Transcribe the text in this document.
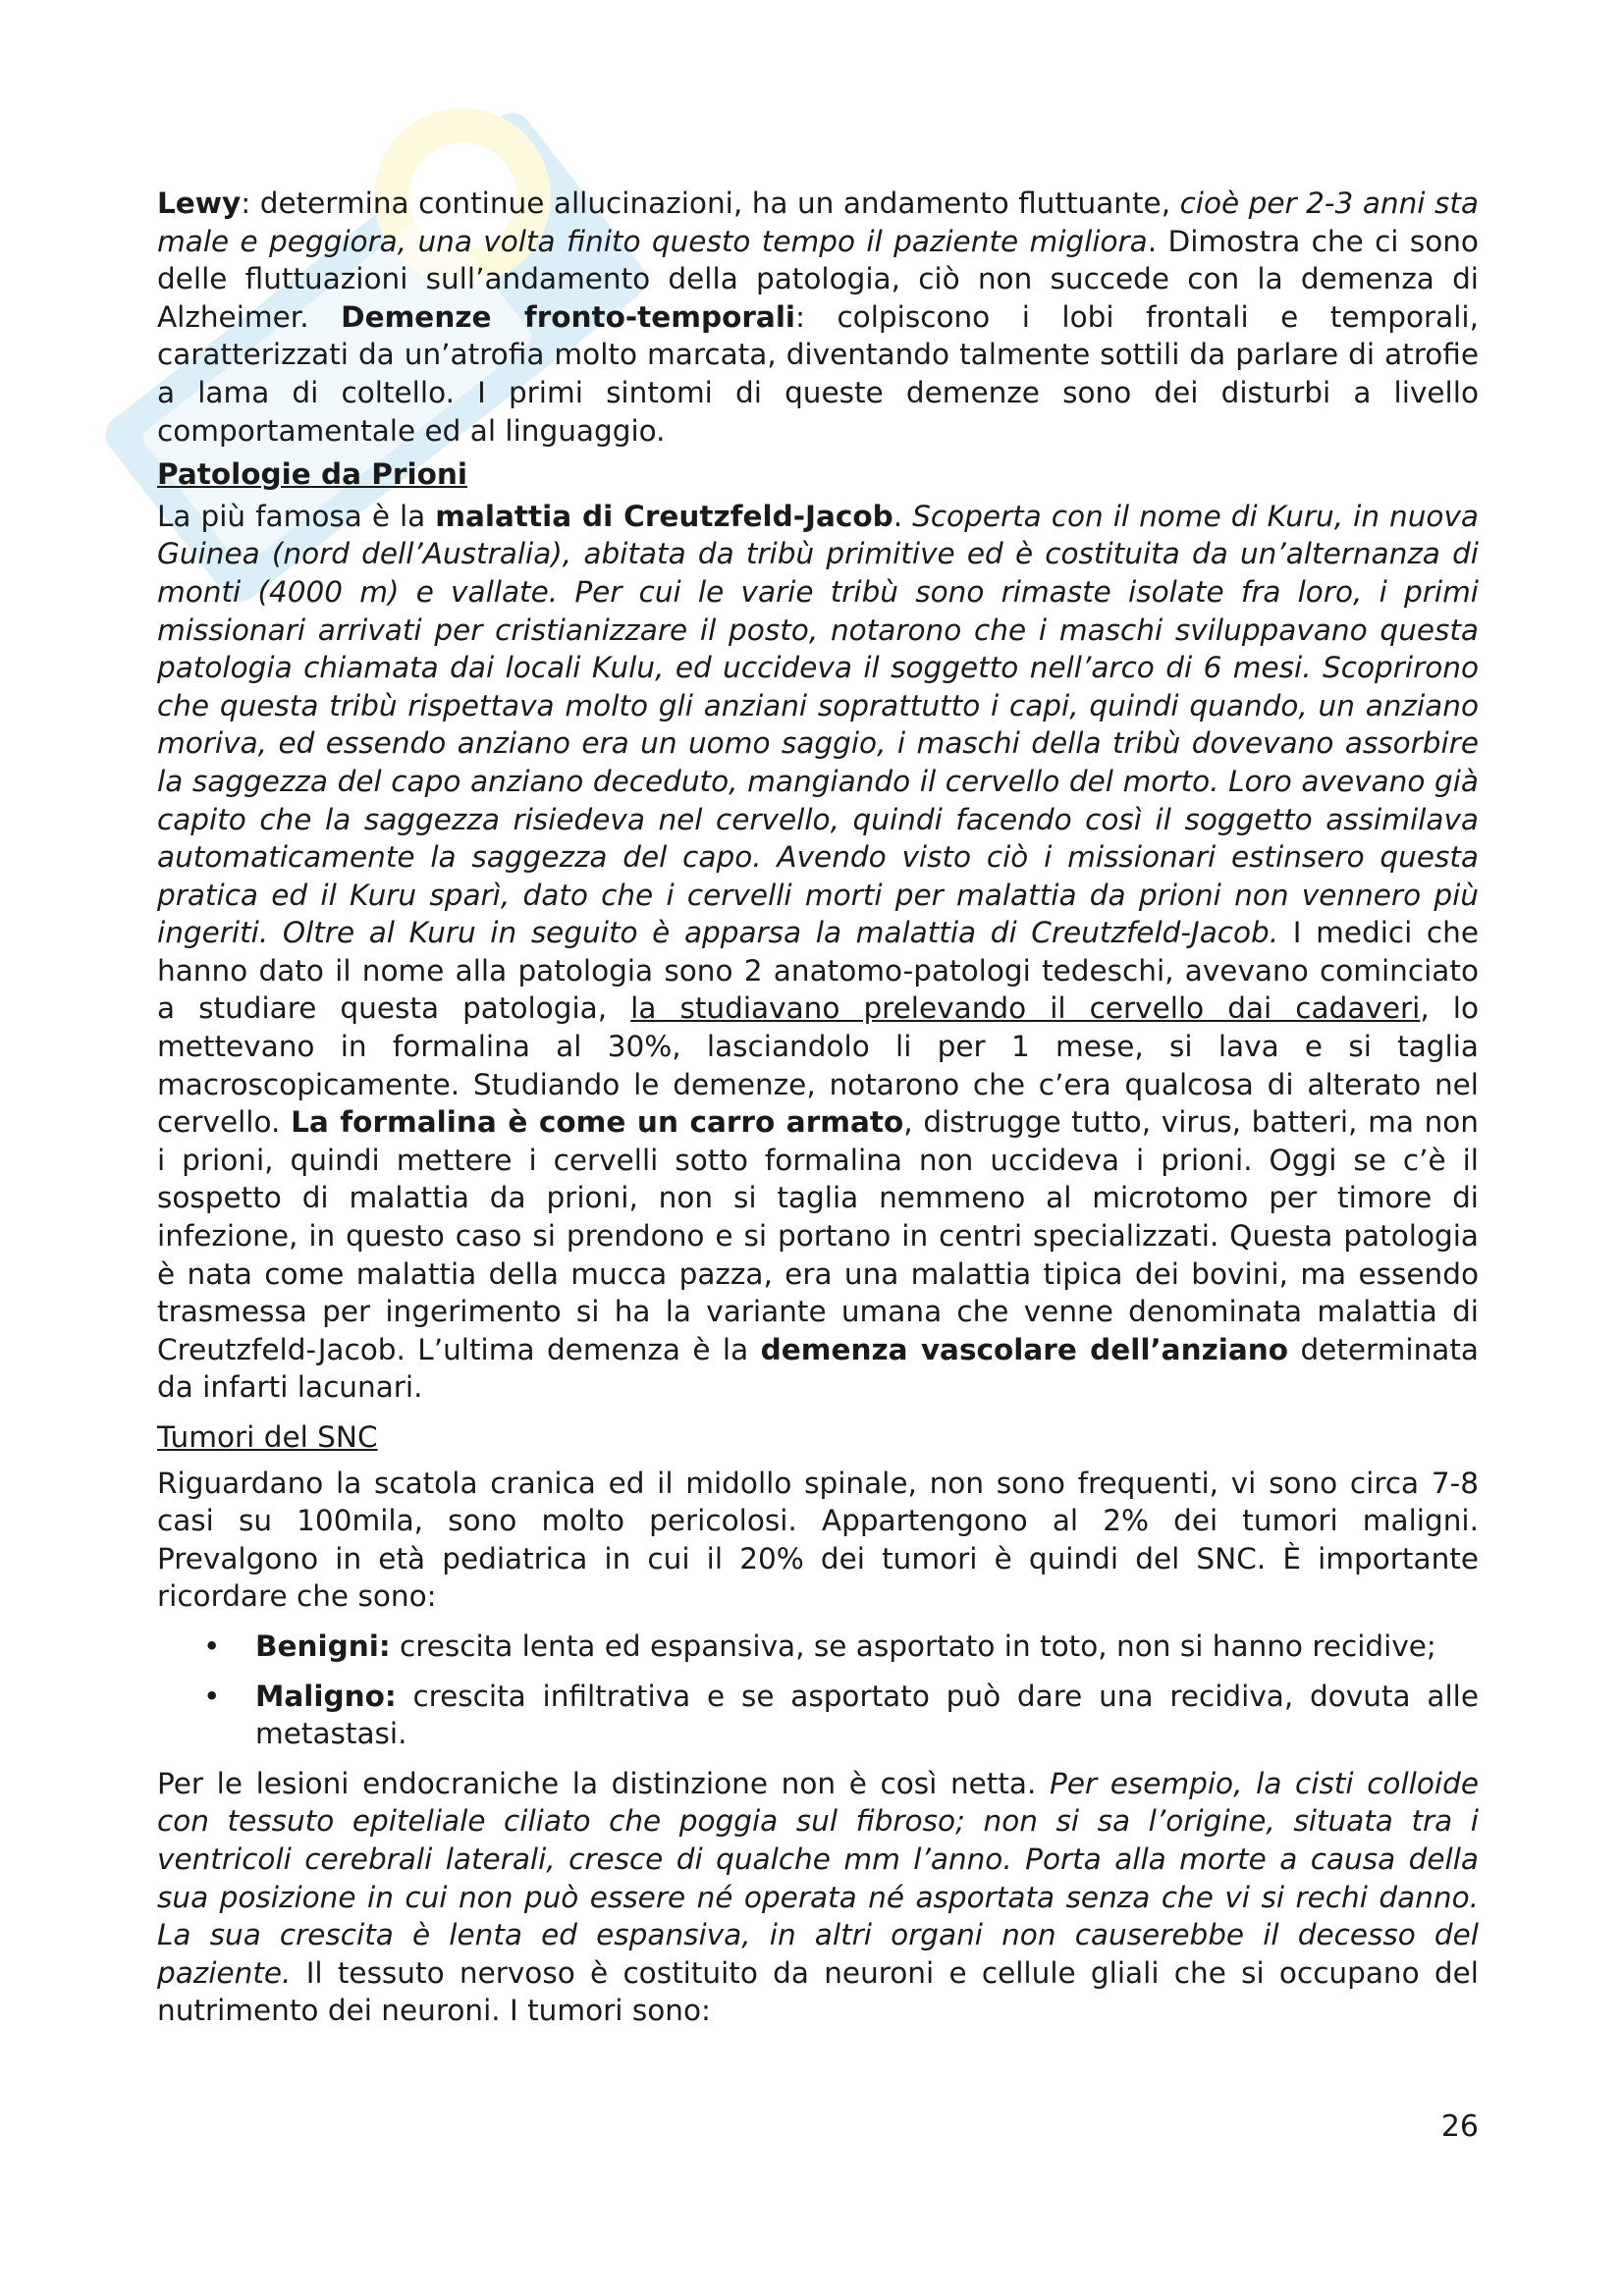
Lewy: determina continue allucinazioni, ha un andamento fluttuante, cioè per 2-3 anni sta male e peggiora, una volta finito questo tempo il paziente migliora. Dimostra che ci sono delle fluttuazioni sull’andamento della patologia, ciò non succede con la demenza di Alzheimer. Demenze fronto-temporali: colpiscono i lobi frontali e temporali, caratterizzati da un’atrofia molto marcata, diventando talmente sottili da parlare di atrofie a lama di coltello. I primi sintomi di queste demenze sono dei disturbi a livello comportamentale ed al linguaggio.

Patologie da Prioni

La più famosa è la malattia di Creutzfeld-Jacob. Scoperta con il nome di Kuru, in nuova Guinea (nord dell’Australia), abitata da tribù primitive ed è costituita da un’alternanza di monti (4000 m) e vallate. Per cui le varie tribù sono rimaste isolate fra loro, i primi missionari arrivati per cristianizzare il posto, notarono che i maschi sviluppavano questa patologia chiamata dai locali Kulu, ed uccideva il soggetto nell’arco di 6 mesi. Scoprirono che questa tribù rispettava molto gli anziani soprattutto i capi, quindi quando, un anziano moriva, ed essendo anziano era un uomo saggio, i maschi della tribù dovevano assorbire la saggezza del capo anziano deceduto, mangiando il cervello del morto. Loro avevano già capito che la saggezza risiedeva nel cervello, quindi facendo così il soggetto assimilava automaticamente la saggezza del capo. Avendo visto ciò i missionari estinsero questa pratica ed il Kuru sparì, dato che i cervelli morti per malattia da prioni non vennero più ingeriti. Oltre al Kuru in seguito è apparsa la malattia di Creutzfeld-Jacob. I medici che hanno dato il nome alla patologia sono 2 anatomo-patologi tedeschi, avevano cominciato a studiare questa patologia, la studiavano prelevando il cervello dai cadaveri, lo mettevano in formalina al 30%, lasciandolo li per 1 mese, si lava e si taglia macroscopicamente. Studiando le demenze, notarono che c’era qualcosa di alterato nel cervello. La formalina è come un carro armato, distrugge tutto, virus, batteri, ma non i prioni, quindi mettere i cervelli sotto formalina non uccideva i prioni. Oggi se c’è il sospetto di malattia da prioni, non si taglia nemmeno al microtomo per timore di infezione, in questo caso si prendono e si portano in centri specializzati. Questa patologia è nata come malattia della mucca pazza, era una malattia tipica dei bovini, ma essendo trasmessa per ingerimento si ha la variante umana che venne denominata malattia di Creutzfeld-Jacob. L’ultima demenza è la demenza vascolare dell’anziano determinata da infarti lacunari.

Tumori del SNC

Riguardano la scatola cranica ed il midollo spinale, non sono frequenti, vi sono circa 7-8 casi su 100mila, sono molto pericolosi. Appartengono al 2% dei tumori maligni. Prevalgono in età pediatrica in cui il 20% dei tumori è quindi del SNC. È importante ricordare che sono:

• Benigni: crescita lenta ed espansiva, se asportato in toto, non si hanno recidive;
• Maligno: crescita infiltrativa e se asportato può dare una recidiva, dovuta alle metastasi.

Per le lesioni endocraniche la distinzione non è così netta. Per esempio, la cisti colloide con tessuto epiteliale ciliato che poggia sul fibroso; non si sa l’origine, situata tra i ventricoli cerebrali laterali, cresce di qualche mm l’anno. Porta alla morte a causa della sua posizione in cui non può essere né operata né asportata senza che vi si rechi danno. La sua crescita è lenta ed espansiva, in altri organi non causerebbe il decesso del paziente. Il tessuto nervoso è costituito da neuroni e cellule gliali che si occupano del nutrimento dei neuroni. I tumori sono:

26
